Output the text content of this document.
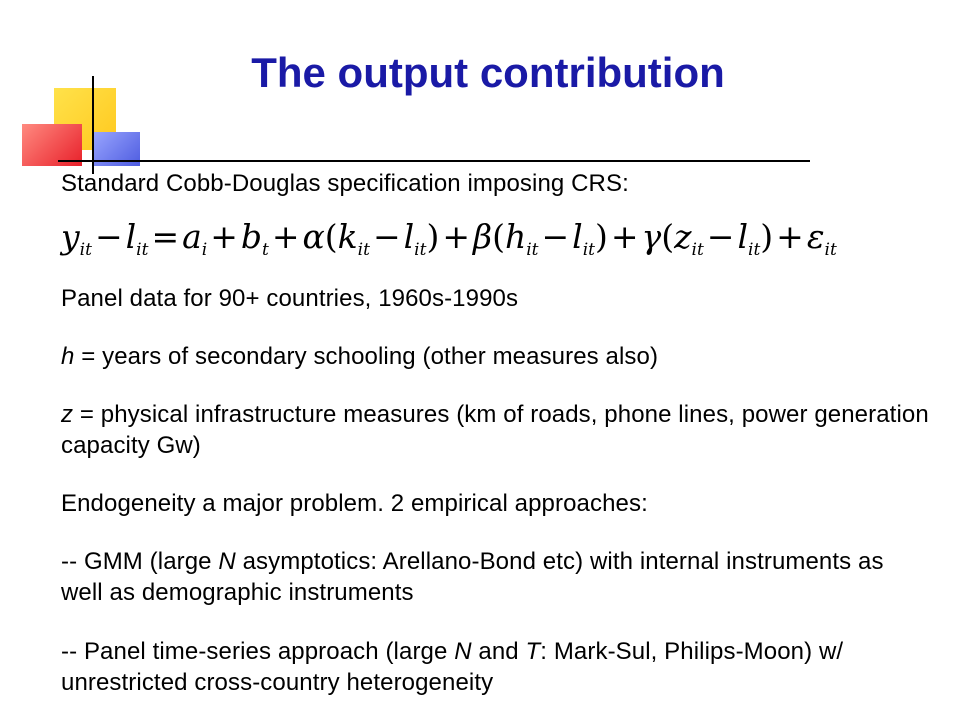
The output contribution
Standard Cobb-Douglas specification imposing CRS:
$y_{it}-l_{it}=a_i+b_t+\alpha(k_{it}-l_{it})+\beta(h_{it}-l_{it})+\gamma(z_{it}-l_{it})+\varepsilon_{it}$
Panel data for 90+ countries, 1960s-1990s
h = years of secondary schooling (other measures also)
z = physical infrastructure measures (km of roads, phone lines, power generation capacity Gw)
Endogeneity a major problem. 2 empirical approaches:
-- GMM (large N asymptotics: Arellano-Bond etc) with internal instruments as well as demographic instruments
-- Panel time-series approach (large N and T: Mark-Sul, Philips-Moon) w/ unrestricted cross-country heterogeneity
